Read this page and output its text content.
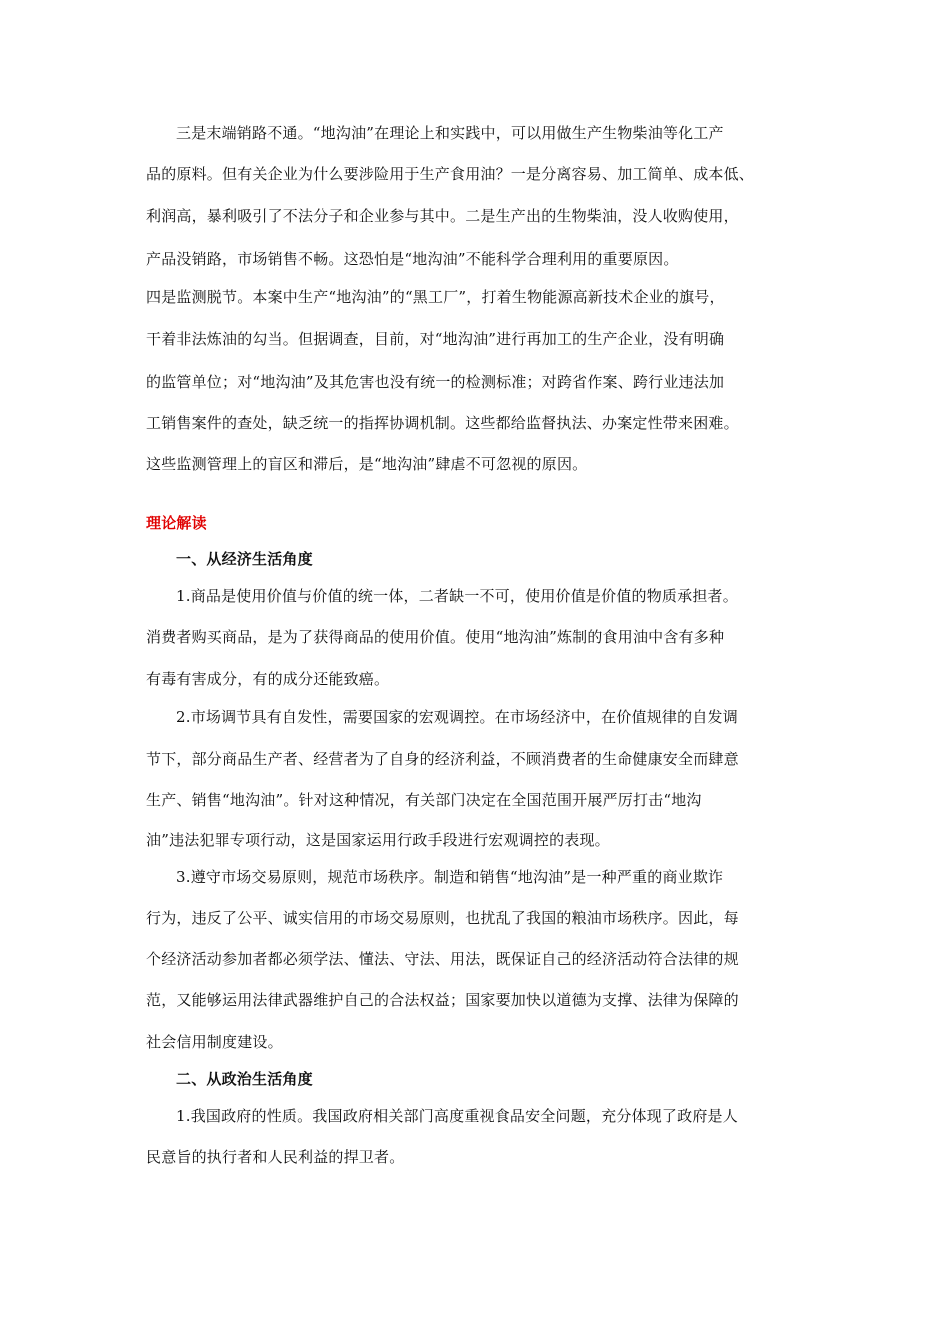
三是末端销路不通。“地沟油”在理论上和实践中，可以用做生产生物柴油等化工产
品的原料。但有关企业为什么要涉险用于生产食用油？一是分离容易、加工简单、成本低、
利润高，暴利吸引了不法分子和企业参与其中。二是生产出的生物柴油，没人收购使用，
产品没销路，市场销售不畅。这恐怕是“地沟油”不能科学合理利用的重要原因。
四是监测脱节。本案中生产“地沟油”的“黑工厂”，打着生物能源高新技术企业的旗号，
干着非法炼油的勾当。但据调查，目前，对“地沟油”进行再加工的生产企业，没有明确
的监管单位；对“地沟油”及其危害也没有统一的检测标准；对跨省作案、跨行业违法加
工销售案件的查处，缺乏统一的指挥协调机制。这些都给监督执法、办案定性带来困难。
这些监测管理上的盲区和滞后，是“地沟油”肆虐不可忽视的原因。
理论解读
一、从经济生活角度
1.商品是使用价值与价值的统一体，二者缺一不可，使用价值是价值的物质承担者。
消费者购买商品，是为了获得商品的使用价值。使用“地沟油”炼制的食用油中含有多种
有毒有害成分，有的成分还能致癌。
2.市场调节具有自发性，需要国家的宏观调控。在市场经济中，在价值规律的自发调
节下，部分商品生产者、经营者为了自身的经济利益，不顾消费者的生命健康安全而肆意
生产、销售“地沟油”。针对这种情况，有关部门决定在全国范围开展严厉打击“地沟
油”违法犯罪专项行动，这是国家运用行政手段进行宏观调控的表现。
3.遵守市场交易原则，规范市场秩序。制造和销售“地沟油”是一种严重的商业欺诈
行为，违反了公平、诚实信用的市场交易原则，也扰乱了我国的粮油市场秩序。因此，每
个经济活动参加者都必须学法、懂法、守法、用法，既保证自己的经济活动符合法律的规
范，又能够运用法律武器维护自己的合法权益；国家要加快以道德为支撑、法律为保障的
社会信用制度建设。
二、从政治生活角度
1.我国政府的性质。我国政府相关部门高度重视食品安全问题，充分体现了政府是人
民意旨的执行者和人民利益的捍卫者。
